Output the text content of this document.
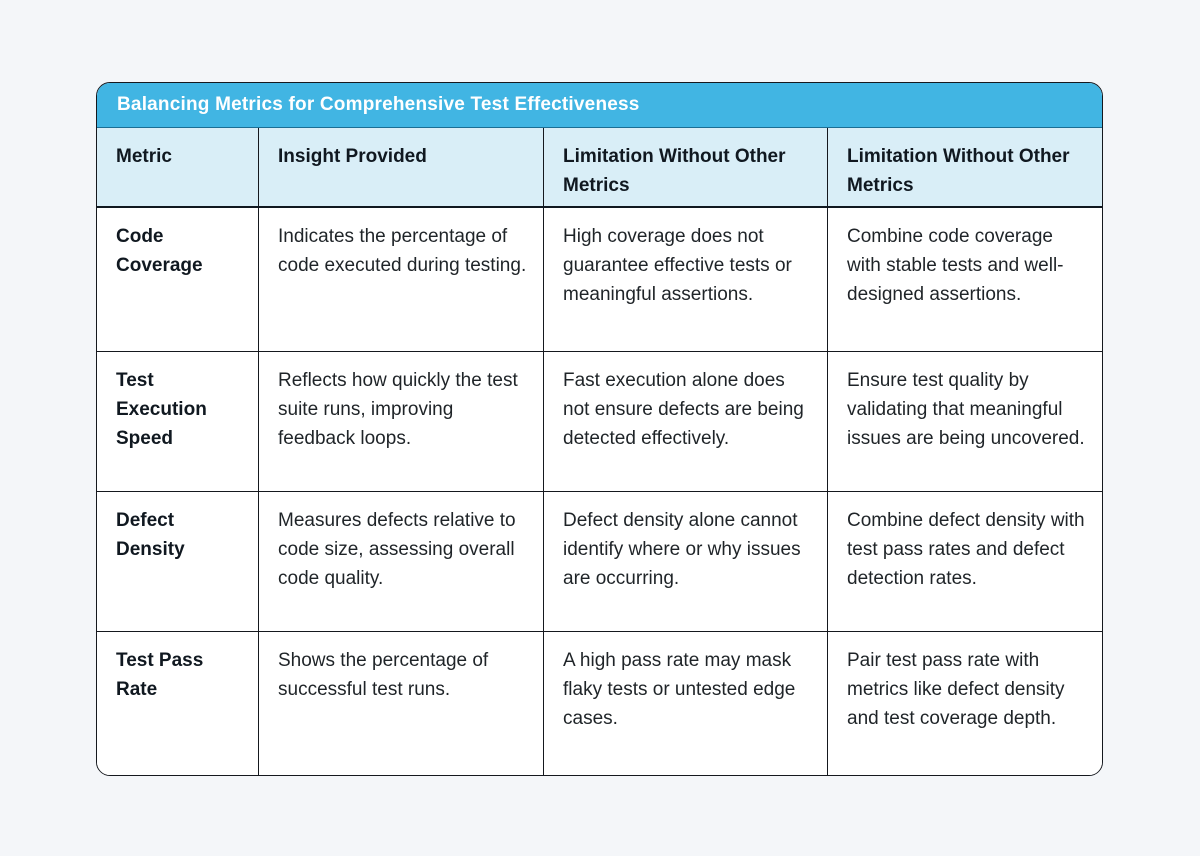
Balancing Metrics for Comprehensive Test Effectiveness
Metric	Insight Provided	Limitation Without Other Metrics
Limitation Without Other Metrics
Code Coverage
Indicates the percentage of code executed during testing.
High coverage does not guarantee effective tests or meaningful assertions.
Combine code coverage with stable tests and well-designed assertions.
Test Execution Speed
Reflects how quickly the test suite runs, improving feedback loops.
Fast execution alone does not ensure defects are being detected effectively.
Ensure test quality by validating that meaningful issues are being uncovered.
Defect Density
Measures defects relative to code size, assessing overall code quality.
Defect density alone cannot identify where or why issues are occurring.
Combine defect density with test pass rates and defect detection rates.
Test Pass Rate
Shows the percentage of successful test runs.
A high pass rate may mask flaky tests or untested edge cases.
Pair test pass rate with metrics like defect density and test coverage depth.
